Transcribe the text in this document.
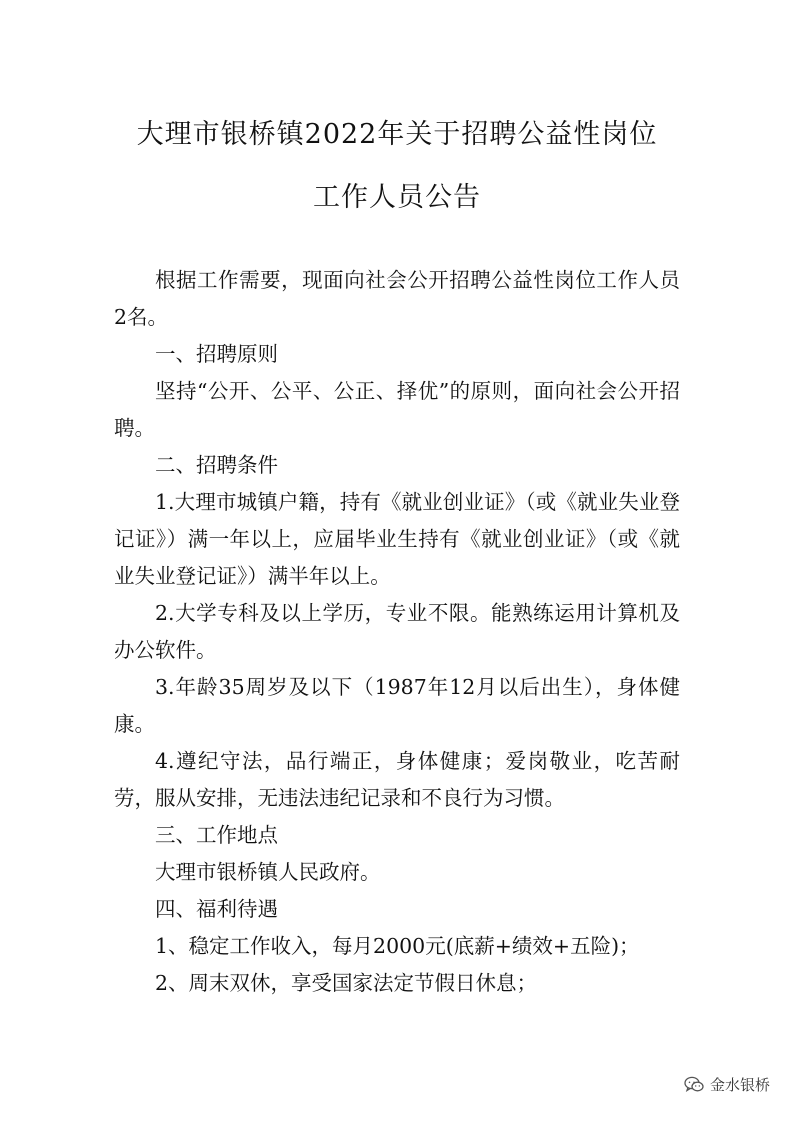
大理市银桥镇2022年关于招聘公益性岗位
工作人员公告

根据工作需要，现面向社会公开招聘公益性岗位工作人员2名。

一、招聘原则

坚持“公开、公平、公正、择优”的原则，面向社会公开招聘。

二、招聘条件

1.大理市城镇户籍，持有《就业创业证》（或《就业失业登记证》）满一年以上，应届毕业生持有《就业创业证》（或《就业失业登记证》）满半年以上。

2.大学专科及以上学历，专业不限。能熟练运用计算机及办公软件。

3.年龄35周岁及以下（1987年12月以后出生），身体健康。

4.遵纪守法，品行端正，身体健康；爱岗敬业，吃苦耐劳，服从安排，无违法违纪记录和不良行为习惯。

三、工作地点

大理市银桥镇人民政府。

四、福利待遇

1、稳定工作收入，每月2000元(底薪+绩效+五险)；

2、周末双休，享受国家法定节假日休息；

金水银桥
